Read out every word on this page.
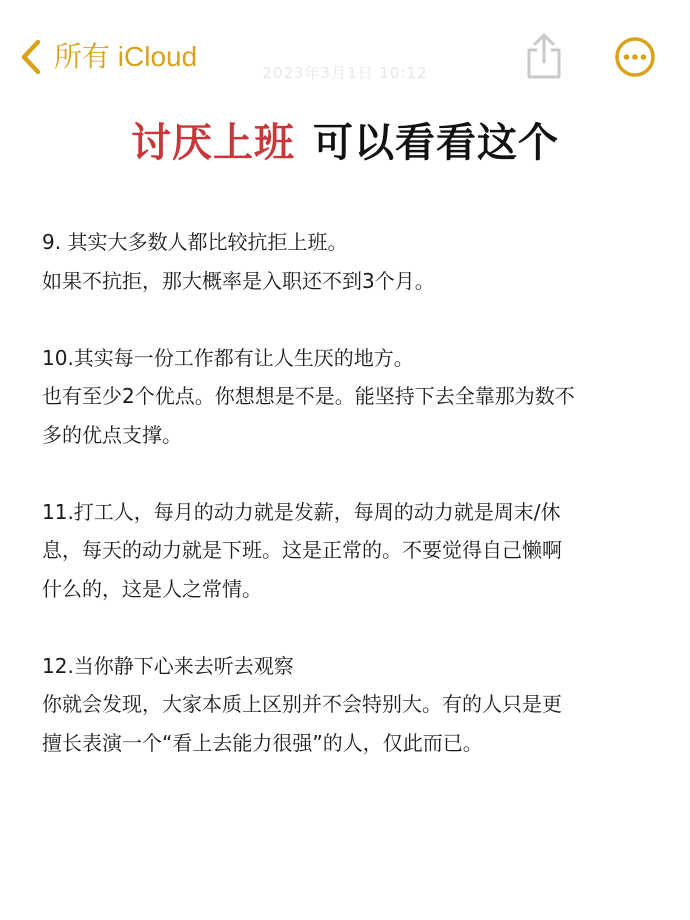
所有 iCloud
2023年3月1日 10:12
讨厌上班 可以看看这个
9. 其实大多数人都比较抗拒上班。
如果不抗拒，那大概率是入职还不到3个月。
10.其实每一份工作都有让人生厌的地方。
也有至少2个优点。你想想是不是。能坚持下去全靠那为数不
多的优点支撑。
11.打工人，每月的动力就是发薪，每周的动力就是周末/休
息，每天的动力就是下班。这是正常的。不要觉得自己懒啊
什么的，这是人之常情。
12.当你静下心来去听去观察
你就会发现，大家本质上区别并不会特别大。有的人只是更
擅长表演一个“看上去能力很强”的人，仅此而已。
